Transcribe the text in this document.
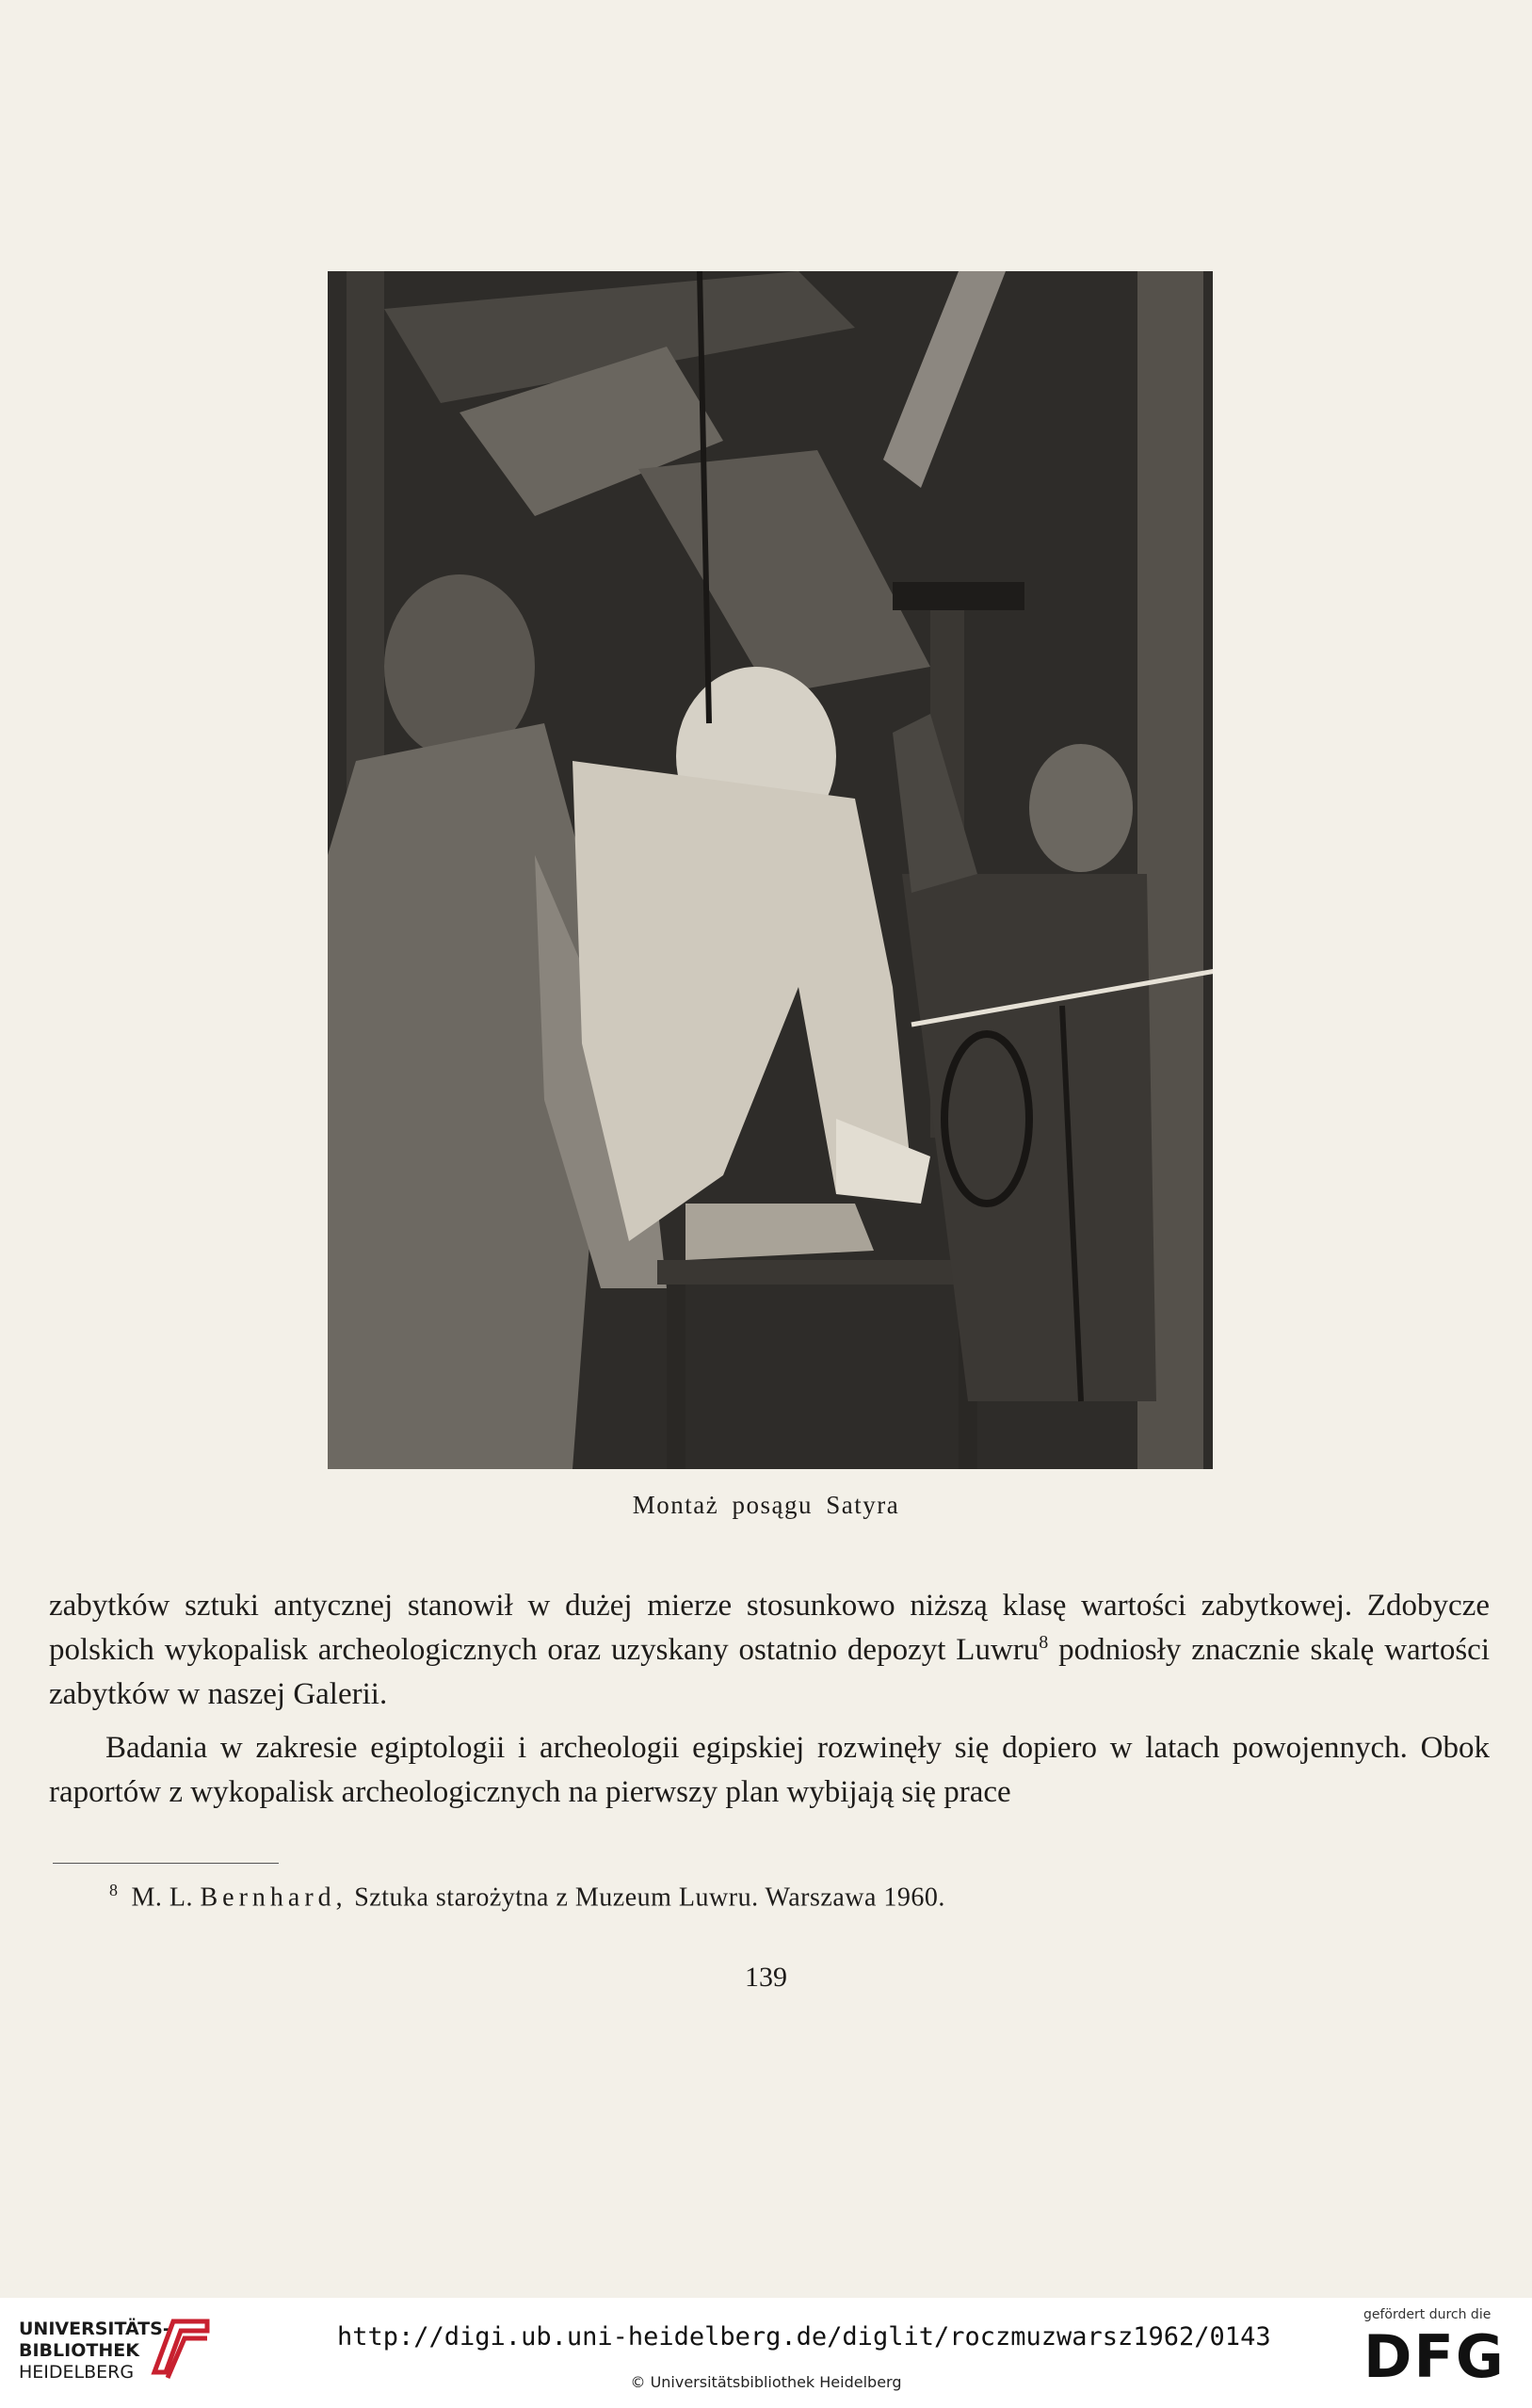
Montaż posągu Satyra

zabytków sztuki antycznej stanowił w dużej mierze stosunkowo niższą klasę wartości zabytkowej. Zdobycze polskich wykopalisk archeologicznych oraz uzyskany ostatnio depozyt Luwru$^8$ podniosły znacznie skalę wartości zabytków w naszej Galerii.

Badania w zakresie egiptologii i archeologii egipskiej rozwinęły się dopiero w latach powojennych. Obok raportów z wykopalisk archeologicznych na pierwszy plan wybijają się prace

$^8$ M. L. Bernhard, Sztuka starożytna z Muzeum Luwru. Warszawa 1960.
139
UNIVERSITÄTS-
BIBLIOTHEK
HEIDELBERG
http://digi.ub.uni-heidelberg.de/diglit/roczmuzwarsz1962/0143
© Universitätsbibliothek Heidelberg
gefördert durch die
DFG
